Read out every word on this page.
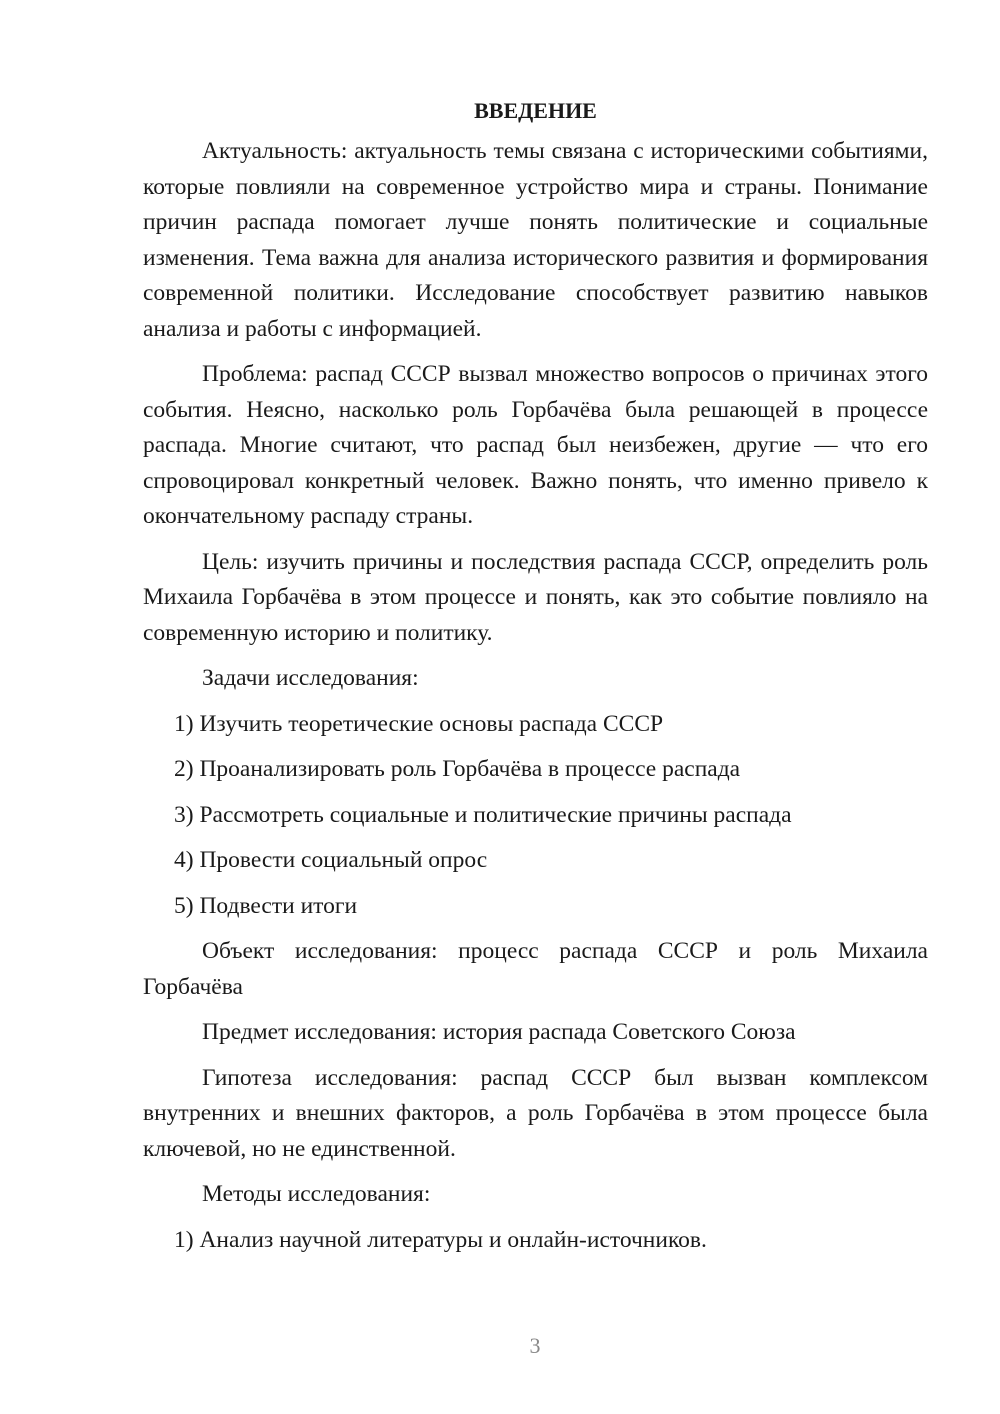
ВВЕДЕНИЕ

Актуальность: актуальность темы связана с историческими событиями, которые повлияли на современное устройство мира и страны. Понимание причин распада помогает лучше понять политические и социальные изменения. Тема важна для анализа исторического развития и формирования современной политики. Исследование способствует развитию навыков анализа и работы с информацией.

Проблема: распад СССР вызвал множество вопросов о причинах этого события. Неясно, насколько роль Горбачёва была решающей в процессе распада. Многие считают, что распад был неизбежен, другие — что его спровоцировал конкретный человек. Важно понять, что именно привело к окончательному распаду страны.

Цель: изучить причины и последствия распада СССР, определить роль Михаила Горбачёва в этом процессе и понять, как это событие повлияло на современную историю и политику.

Задачи исследования:

1) Изучить теоретические основы распада СССР
2) Проанализировать роль Горбачёва в процессе распада
3) Рассмотреть социальные и политические причины распада
4) Провести социальный опрос
5) Подвести итоги

Объект исследования: процесс распада СССР и роль Михаила Горбачёва

Предмет исследования: история распада Советского Союза

Гипотеза исследования: распад СССР был вызван комплексом внутренних и внешних факторов, а роль Горбачёва в этом процессе была ключевой, но не единственной.

Методы исследования:

1) Анализ научной литературы и онлайн-источников.
3
